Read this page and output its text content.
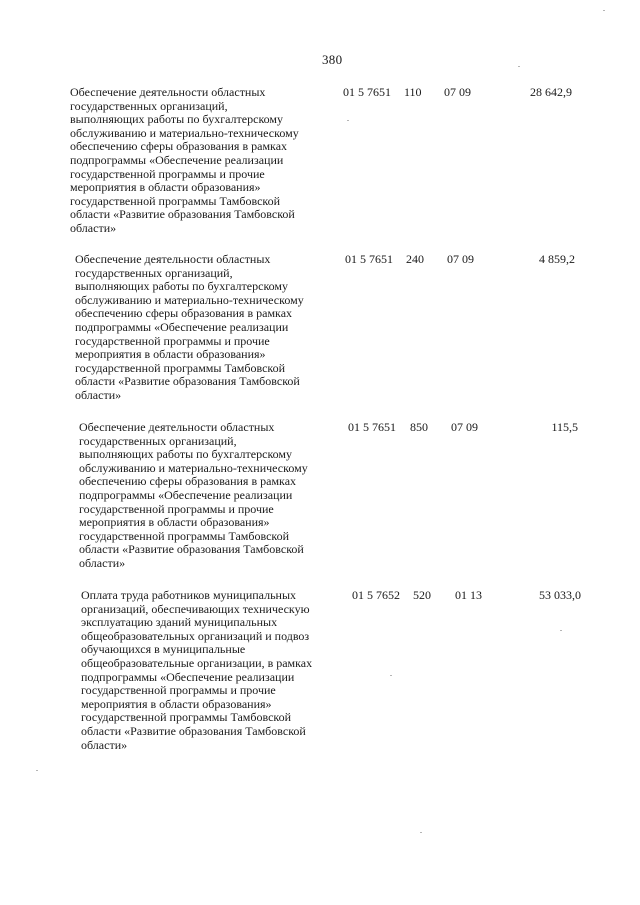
380

Обеспечение деятельности областных
государственных организаций,
выполняющих работы по бухгалтерскому
обслуживанию и материально-техническому
обеспечению сферы образования в рамках
подпрограммы «Обеспечение реализации
государственной программы и прочие
мероприятия в области образования»
государственной программы Тамбовской
области «Развитие образования Тамбовской
области»

01 5 7651 110 07 09	28 642,9

Обеспечение деятельности областных
государственных организаций,
выполняющих работы по бухгалтерскому
обслуживанию и материально-техническому
обеспечению сферы образования в рамках
подпрограммы «Обеспечение реализации
государственной программы и прочие
мероприятия в области образования»
государственной программы Тамбовской
области «Развитие образования Тамбовской
области»

01 5 7651 240 07 09	4 859,2

Обеспечение деятельности областных
государственных организаций,
выполняющих работы по бухгалтерскому
обслуживанию и материально-техническому
обеспечению сферы образования в рамках
подпрограммы «Обеспечение реализации
государственной программы и прочие
мероприятия в области образования»
государственной программы Тамбовской
области «Развитие образования Тамбовской
области»

01 5 7651 850 07 09	115,5

Оплата труда работников муниципальных
организаций, обеспечивающих техническую
эксплуатацию зданий муниципальных
общеобразовательных организаций и подвоз
обучающихся в муниципальные
общеобразовательные организации, в рамках
подпрограммы «Обеспечение реализации
государственной программы и прочие
мероприятия в области образования»
государственной программы Тамбовской
области «Развитие образования Тамбовской
области»

01 5 7652 520 01 13	53 033,0
